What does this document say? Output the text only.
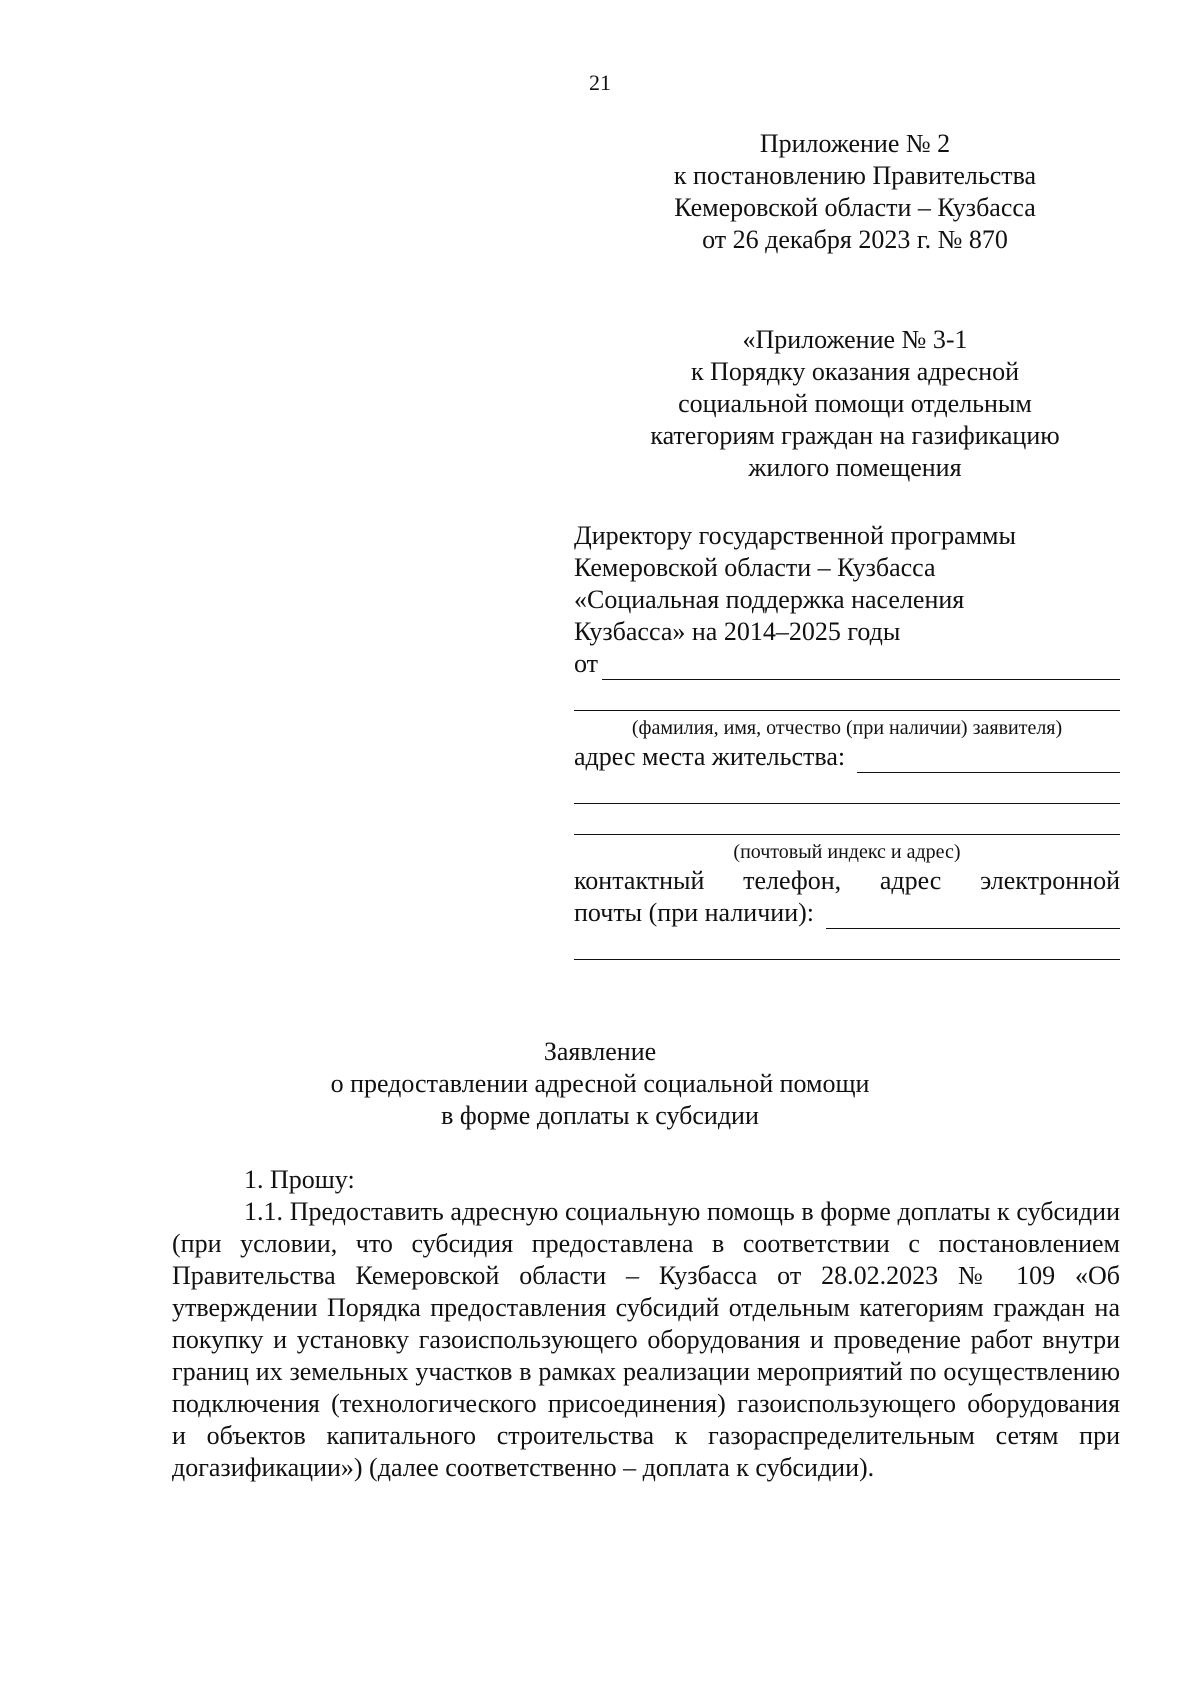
21
Приложение № 2
к постановлению Правительства
Кемеровской области – Кузбасса
от 26 декабря 2023 г. № 870
«Приложение № 3-1
к Порядку оказания адресной
социальной помощи отдельным
категориям граждан на газификацию
жилого помещения
Директору государственной программы
Кемеровской области – Кузбасса
«Социальная поддержка населения
Кузбасса» на 2014–2025 годы
от
(фамилия, имя, отчество (при наличии) заявителя)
адрес места жительства:
(почтовый индекс и адрес)
контактный телефон, адрес электронной
почты (при наличии):
Заявление
о предоставлении адресной социальной помощи
в форме доплаты к субсидии
1. Прошу:

1.1. Предоставить адресную социальную помощь в форме доплаты к субсидии (при условии, что субсидия предоставлена в соответствии с постановлением Правительства Кемеровской области – Кузбасса от 28.02.2023 № 109 «Об утверждении Порядка предоставления субсидий отдельным категориям граждан на покупку и установку газоиспользующего оборудования и проведение работ внутри границ их земельных участков в рамках реализации мероприятий по осуществлению подключения (технологического присоединения) газоиспользующего оборудования и объектов капитального строительства к газораспределительным сетям при догазификации») (далее соответственно – доплата к субсидии).
